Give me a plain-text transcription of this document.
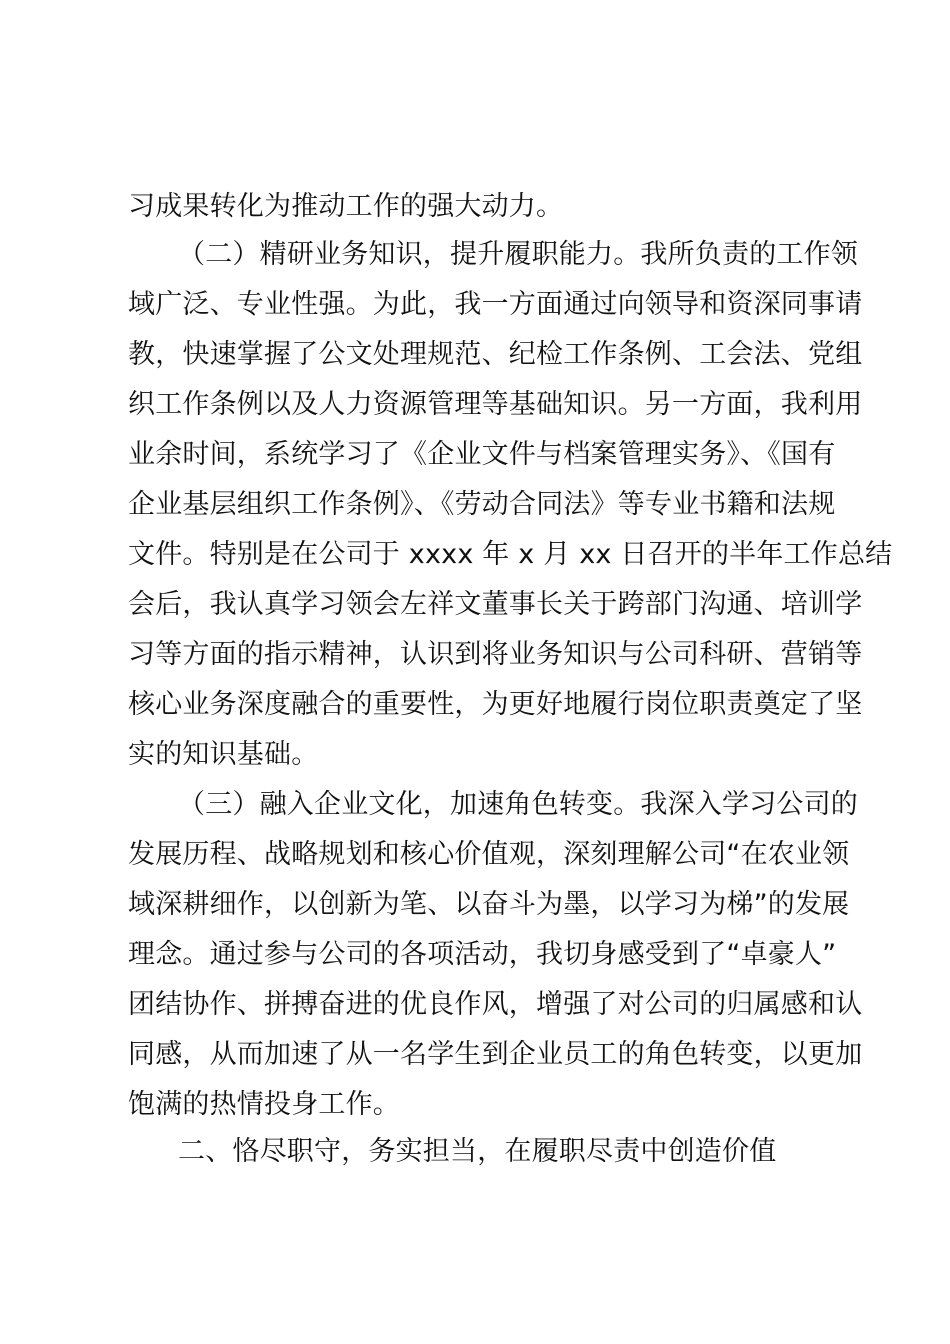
习成果转化为推动工作的强大动力。
（二）精研业务知识，提升履职能力。我所负责的工作领
域广泛、专业性强。为此，我一方面通过向领导和资深同事请
教，快速掌握了公文处理规范、纪检工作条例、工会法、党组
织工作条例以及人力资源管理等基础知识。另一方面，我利用
业余时间，系统学习了《企业文件与档案管理实务》、《国有
企业基层组织工作条例》、《劳动合同法》等专业书籍和法规
文件。特别是在公司于 xxxx 年 x 月 xx 日召开的半年工作总结
会后，我认真学习领会左祥文董事长关于跨部门沟通、培训学
习等方面的指示精神，认识到将业务知识与公司科研、营销等
核心业务深度融合的重要性，为更好地履行岗位职责奠定了坚
实的知识基础。
（三）融入企业文化，加速角色转变。我深入学习公司的
发展历程、战略规划和核心价值观，深刻理解公司“在农业领
域深耕细作，以创新为笔、以奋斗为墨，以学习为梯”的发展
理念。通过参与公司的各项活动，我切身感受到了“卓豪人”
团结协作、拼搏奋进的优良作风，增强了对公司的归属感和认
同感，从而加速了从一名学生到企业员工的角色转变，以更加
饱满的热情投身工作。
二、恪尽职守，务实担当，在履职尽责中创造价值
